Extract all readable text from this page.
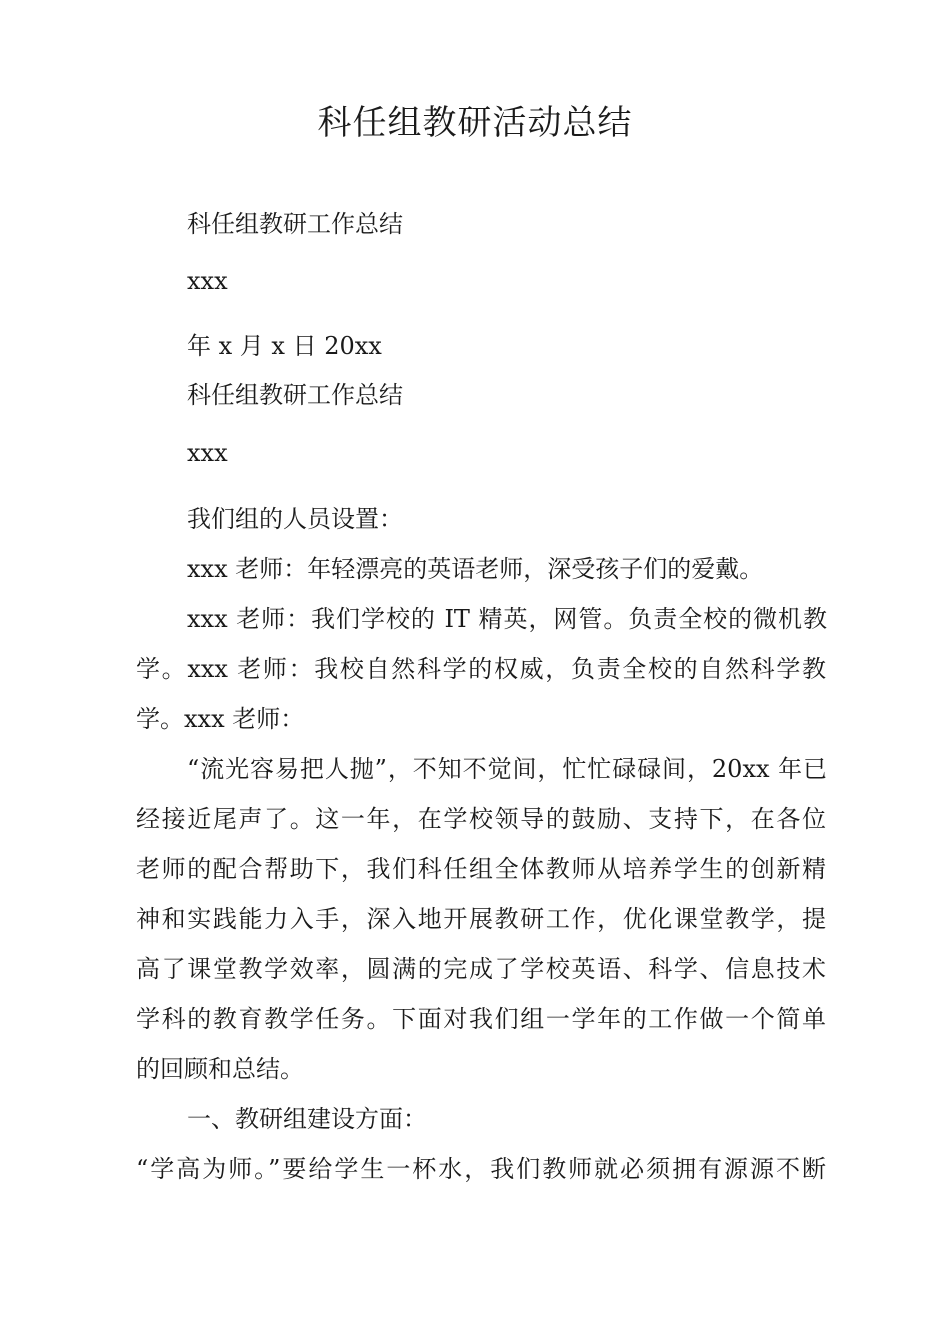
科任组教研活动总结
科任组教研工作总结
xxx
年 x 月 x 日 20xx
科任组教研工作总结
xxx
我们组的人员设置：
xxx 老师：年轻漂亮的英语老师，深受孩子们的爱戴。
xxx 老师：我们学校的 IT 精英，网管。负责全校的微机教
学。xxx 老师：我校自然科学的权威，负责全校的自然科学教
学。xxx 老师：
“流光容易把人抛”，不知不觉间，忙忙碌碌间，20xx 年已
经接近尾声了。这一年，在学校领导的鼓励、支持下，在各位
老师的配合帮助下，我们科任组全体教师从培养学生的创新精
神和实践能力入手，深入地开展教研工作，优化课堂教学，提
高了课堂教学效率，圆满的完成了学校英语、科学、信息技术
学科的教育教学任务。下面对我们组一学年的工作做一个简单
的回顾和总结。
一、教研组建设方面：
“学高为师。”要给学生一杯水，我们教师就必须拥有源源不断
